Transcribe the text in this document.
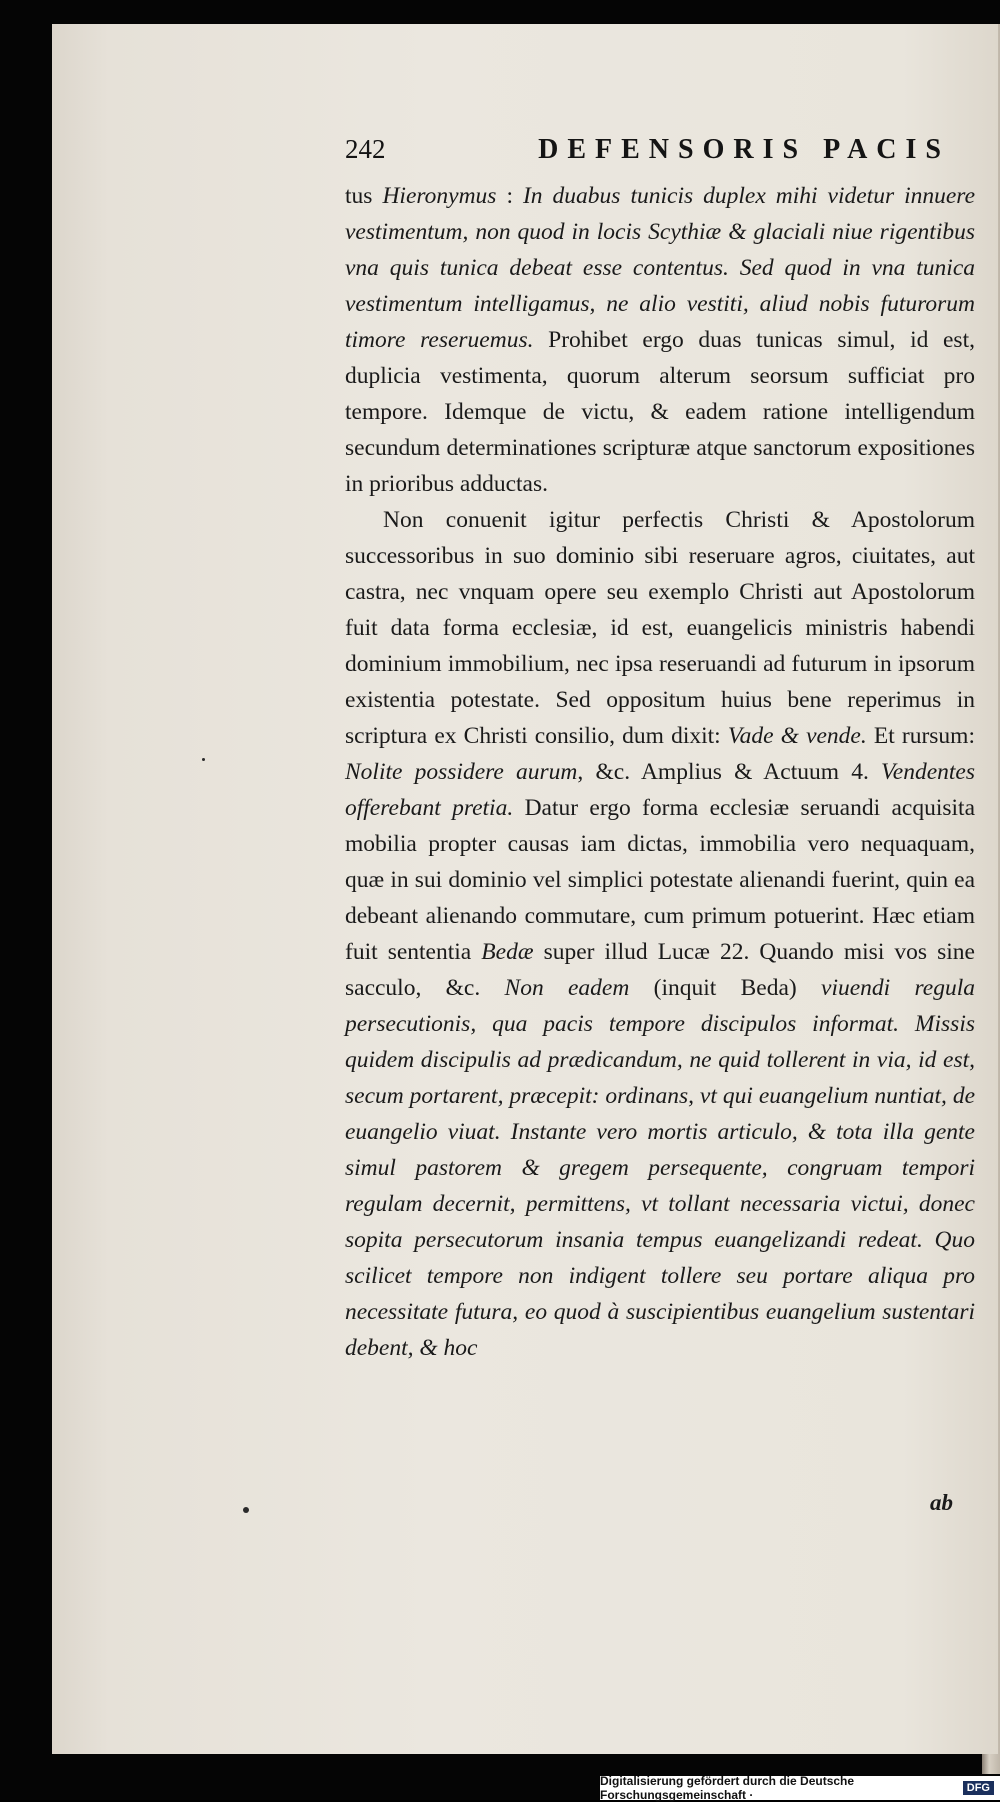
242	DEFENSORIS PACIS

tus Hieronymus : In duabus tunicis duplex mihi videtur innuere vestimentum, non quod in locis Scythiæ & glaciali niue rigentibus vna quis tunica debeat esse contentus. Sed quod in vna tunica vestimentum intelligamus, ne alio vestiti, aliud nobis futurorum timore reseruemus. Prohibet ergo duas tunicas simul, id est, duplicia vestimenta, quorum alterum seorsum sufficiat pro tempore. Idemque de victu, & eadem ratione intelligendum secundum determinationes scripturæ atque sanctorum expositiones in prioribus adductas.

Non conuenit igitur perfectis Christi & Apostolorum successoribus in suo dominio sibi reseruare agros, ciuitates, aut castra, nec vnquam opere seu exemplo Christi aut Apostolorum fuit data forma ecclesiæ, id est, euangelicis ministris habendi dominium immobilium, nec ipsa reseruandi ad futurum in ipsorum existentia potestate. Sed oppositum huius bene reperimus in scriptura ex Christi consilio, dum dixit: Vade & vende. Et rursum: Nolite possidere aurum, &c. Amplius & Actuum 4. Vendentes offerebant pretia. Datur ergo forma ecclesiæ seruandi acquisita mobilia propter causas iam dictas, immobilia vero nequaquam, quæ in sui dominio vel simplici potestate alienandi fuerint, quin ea debeant alienando commutare, cum primum potuerint. Hæc etiam fuit sententia Bedæ super illud Lucæ 22. Quando misi vos sine sacculo, &c. Non eadem (inquit Beda) viuendi regula persecutionis, qua pacis tempore discipulos informat. Missis quidem discipulis ad prædicandum, ne quid tollerent in via, id est, secum portarent, præcepit: ordinans, vt qui euangelium nuntiat, de euangelio viuat. Instante vero mortis articulo, & tota illa gente simul pastorem & gregem persequente, congruam tempori regulam decernit, permittens, vt tollant necessaria victui, donec sopita persecutorum insania tempus euangelizandi redeat. Quo scilicet tempore non indigent tollere seu portare aliqua pro necessitate futura, eo quod à suscipientibus euangelium sustentari debent, & hoc

ab
Digitalisierung gefördert durch die Deutsche Forschungsgemeinschaft ·	DFG
